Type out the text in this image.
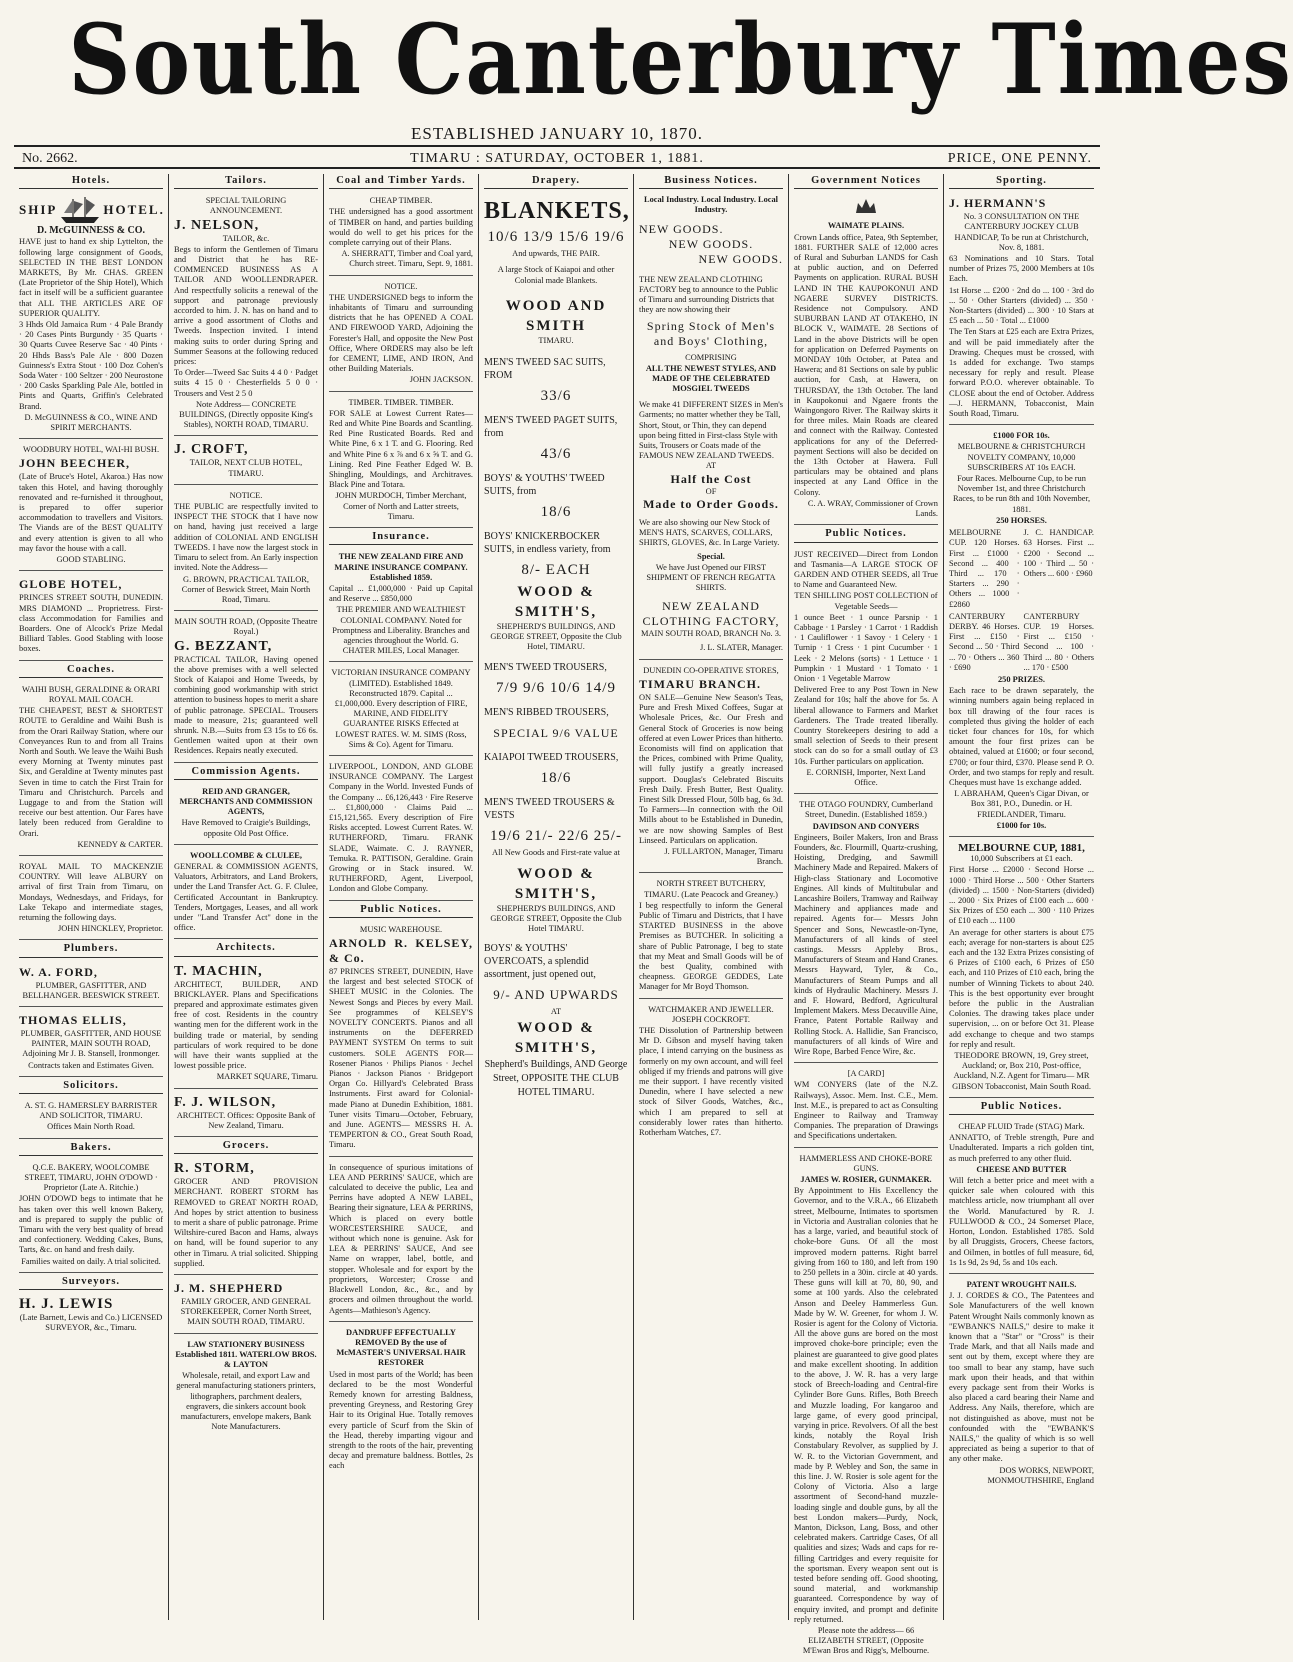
South Canterbury Times
ESTABLISHED JANUARY 10, 1870.
No. 2662.	TIMARU : SATURDAY, OCTOBER 1, 1881.	PRICE, ONE PENNY.
Hotels.
SHIP	HOTEL.

D. McGUINNESS & CO.

HAVE just to hand ex ship Lyttelton, the following large consignment of Goods, SELECTED IN THE BEST LONDON MARKETS, By Mr. CHAS. GREEN (Late Proprietor of the Ship Hotel), Which fact in itself will be a sufficient guarantee that ALL THE ARTICLES ARE OF SUPERIOR QUALITY.

3 Hhds Old Jamaica Rum · 4 Pale Brandy · 20 Cases Pints Burgundy · 35 Quarts · 30 Quarts Cuvee Reserve Sac · 40 Pints · 20 Hhds Bass's Pale Ale · 800 Dozen Guinness's Extra Stout · 100 Doz Cohen's Soda Water · 100 Seltzer · 200 Neurostone · 200 Casks Sparkling Pale Ale, bottled in Pints and Quarts, Griffin's Celebrated Brand.

D. McGUINNESS & CO., WINE AND SPIRIT MERCHANTS.

WOODBURY HOTEL, WAI-HI BUSH.

JOHN BEECHER,

(Late of Bruce's Hotel, Akaroa.) Has now taken this Hotel, and having thoroughly renovated and re-furnished it throughout, is prepared to offer superior accommodation to travellers and Visitors. The Viands are of the BEST QUALITY and every attention is given to all who may favor the house with a call.

GOOD STABLING.

GLOBE HOTEL,

PRINCES STREET SOUTH, DUNEDIN. MRS DIAMOND ... Proprietress. First-class Accommodation for Families and Boarders. One of Alcock's Prize Medal Billiard Tables. Good Stabling with loose boxes.

Coaches.

WAIHI BUSH, GERALDINE & ORARI ROYAL MAIL COACH.

THE CHEAPEST, BEST & SHORTEST ROUTE to Geraldine and Waihi Bush is from the Orari Railway Station, where our Conveyances Run to and from all Trains North and South. We leave the Waihi Bush every Morning at Twenty minutes past Six, and Geraldine at Twenty minutes past Seven in time to catch the First Train for Timaru and Christchurch. Parcels and Luggage to and from the Station will receive our best attention. Our Fares have lately been reduced from Geraldine to Orari.

KENNEDY & CARTER.

ROYAL MAIL TO MACKENZIE COUNTRY. Will leave ALBURY on arrival of first Train from Timaru, on Mondays, Wednesdays, and Fridays, for Lake Tekapo and intermediate stages, returning the following days.

JOHN HINCKLEY, Proprietor.

Plumbers.

W. A. FORD,

PLUMBER, GASFITTER, AND BELLHANGER. BEESWICK STREET.

THOMAS ELLIS,

PLUMBER, GASFITTER, AND HOUSE PAINTER, MAIN SOUTH ROAD, Adjoining Mr J. B. Stansell, Ironmonger.

Contracts taken and Estimates Given.

Solicitors.

A. ST. G. HAMERSLEY BARRISTER AND SOLICITOR, TIMARU.

Offices Main North Road.

Bakers.

Q.C.E. BAKERY, WOOLCOMBE STREET, TIMARU, JOHN O'DOWD · Proprietor (Late A. Ritchie.)

JOHN O'DOWD begs to intimate that he has taken over this well known Bakery, and is prepared to supply the public of Timaru with the very best quality of bread and confectionery. Wedding Cakes, Buns, Tarts, &c. on hand and fresh daily.

Families waited on daily. A trial solicited.

Surveyors.

H. J. LEWIS

(Late Barnett, Lewis and Co.) LICENSED SURVEYOR, &c., Timaru.

Tailors.

SPECIAL TAILORING ANNOUNCEMENT.

J. NELSON,

TAILOR, &c.

Begs to inform the Gentlemen of Timaru and District that he has RE-COMMENCED BUSINESS AS A TAILOR AND WOOLLENDRAPER. And respectfully solicits a renewal of the support and patronage previously accorded to him. J. N. has on hand and to arrive a good assortment of Cloths and Tweeds. Inspection invited. I intend making suits to order during Spring and Summer Seasons at the following reduced prices:

To Order—Tweed Sac Suits 4 4 0 · Padget suits 4 15 0 · Chesterfields 5 0 0 · Trousers and Vest 2 5 0

Note Address— CONCRETE BUILDINGS, (Directly opposite King's Stables), NORTH ROAD, TIMARU.

J. CROFT,

TAILOR, NEXT CLUB HOTEL, TIMARU.

NOTICE.

THE PUBLIC are respectfully invited to INSPECT THE STOCK that I have now on hand, having just received a large addition of COLONIAL AND ENGLISH TWEEDS. I have now the largest stock in Timaru to select from. An Early inspection invited. Note the Address—

G. BROWN, PRACTICAL TAILOR, Corner of Beswick Street, Main North Road, Timaru.

MAIN SOUTH ROAD, (Opposite Theatre Royal.)

G. BEZZANT,

PRACTICAL TAILOR, Having opened the above premises with a well selected Stock of Kaiapoi and Home Tweeds, by combining good workmanship with strict attention to business hopes to merit a share of public patronage. SPECIAL. Trousers made to measure, 21s; guaranteed well shrunk. N.B.—Suits from £3 15s to £6 6s. Gentlemen waited upon at their own Residences. Repairs neatly executed.

Commission Agents.

REID AND GRANGER, MERCHANTS AND COMMISSION AGENTS,

Have Removed to Craigie's Buildings, opposite Old Post Office.

WOOLLCOMBE & CLULEE,

GENERAL & COMMISSION AGENTS, Valuators, Arbitrators, and Land Brokers, under the Land Transfer Act. G. F. Clulee, Certificated Accountant in Bankruptcy. Tenders, Mortgages, Leases, and all work under "Land Transfer Act" done in the office.

Architects.

T. MACHIN,

ARCHITECT, BUILDER, AND BRICKLAYER. Plans and Specifications prepared and approximate estimates given free of cost. Residents in the country wanting men for the different work in the building trade or material, by sending particulars of work required to be done will have their wants supplied at the lowest possible price.

MARKET SQUARE, Timaru.

F. J. WILSON,

ARCHITECT. Offices: Opposite Bank of New Zealand, Timaru.

Grocers.

R. STORM,

GROCER AND PROVISION MERCHANT. ROBERT STORM has REMOVED to GREAT NORTH ROAD, And hopes by strict attention to business to merit a share of public patronage. Prime Wiltshire-cured Bacon and Hams, always on hand, will be found superior to any other in Timaru. A trial solicited. Shipping supplied.

J. M. SHEPHERD

FAMILY GROCER, AND GENERAL STOREKEEPER, Corner North Street, MAIN SOUTH ROAD, TIMARU.

LAW STATIONERY BUSINESS Established 1811. WATERLOW BROS. & LAYTON

Wholesale, retail, and export Law and general manufacturing stationers printers, lithographers, parchment dealers, engravers, die sinkers account book manufacturers, envelope makers, Bank Note Manufacturers.

Coal and Timber Yards.

CHEAP TIMBER.

THE undersigned has a good assortment of TIMBER on hand, and parties building would do well to get his prices for the complete carrying out of their Plans.

A. SHERRATT, Timber and Coal yard, Church street. Timaru, Sept. 9, 1881.

NOTICE.

THE UNDERSIGNED begs to inform the inhabitants of Timaru and surrounding districts that he has OPENED A COAL AND FIREWOOD YARD, Adjoining the Forester's Hall, and opposite the New Post Office, Where ORDERS may also be left for CEMENT, LIME, AND IRON, And other Building Materials.

JOHN JACKSON.

TIMBER. TIMBER. TIMBER.

FOR SALE at Lowest Current Rates— Red and White Pine Boards and Scantling. Red Pine Rusticated Boards. Red and White Pine, 6 x 1 T. and G. Flooring. Red and White Pine 6 x ⅞ and 6 x ⅝ T. and G. Lining. Red Pine Feather Edged W. B. Shingling, Mouldings, and Architraves. Black Pine and Totara.

JOHN MURDOCH, Timber Merchant, Corner of North and Latter streets, Timaru.

Insurance.

THE NEW ZEALAND FIRE AND MARINE INSURANCE COMPANY. Established 1859.

Capital ... £1,000,000 · Paid up Capital and Reserve ... £850,000

THE PREMIER AND WEALTHIEST COLONIAL COMPANY. Noted for Promptness and Liberality. Branches and agencies throughout the World. G. CHATER MILES, Local Manager.

VICTORIAN INSURANCE COMPANY (LIMITED). Established 1849. Reconstructed 1879. Capital ... £1,000,000. Every description of FIRE, MARINE, AND FIDELITY GUARANTEE RISKS Effected at LOWEST RATES. W. M. SIMS (Ross, Sims & Co). Agent for Timaru.

LIVERPOOL, LONDON, AND GLOBE INSURANCE COMPANY. The Largest Company in the World. Invested Funds of the Company ... £6,126,443 · Fire Reserve ... £1,800,000 · Claims Paid ... £15,121,565. Every description of Fire Risks accepted. Lowest Current Rates. W. RUTHERFORD, Timaru. FRANK SLADE, Waimate. C. J. RAYNER, Temuka. R. PATTISON, Geraldine. Grain Growing or in Stack insured. W. RUTHERFORD, Agent, Liverpool, London and Globe Company.

Public Notices.

MUSIC WAREHOUSE.

ARNOLD R. KELSEY, & Co.

87 PRINCES STREET, DUNEDIN, Have the largest and best selected STOCK of SHEET MUSIC in the Colonies. The Newest Songs and Pieces by every Mail. See programmes of KELSEY'S NOVELTY CONCERTS. Pianos and all instruments on the DEFERRED PAYMENT SYSTEM On terms to suit customers. SOLE AGENTS FOR— Rosener Pianos · Philips Pianos · Jechel Pianos · Jackson Pianos · Bridgeport Organ Co. Hillyard's Celebrated Brass Instruments. First award for Colonial-made Piano at Dunedin Exhibition, 1881. Tuner visits Timaru—October, February, and June. AGENTS— MESSRS H. A. TEMPERTON & CO., Great South Road, Timaru.

In consequence of spurious imitations of LEA AND PERRINS' SAUCE, which are calculated to deceive the public, Lea and Perrins have adopted A NEW LABEL, Bearing their signature, LEA & PERRINS, Which is placed on every bottle WORCESTERSHIRE SAUCE, and without which none is genuine. Ask for LEA & PERRINS' SAUCE, And see Name on wrapper, label, bottle, and stopper. Wholesale and for export by the proprietors, Worcester; Crosse and Blackwell London, &c., &c., and by grocers and oilmen throughout the world. Agents—Mathieson's Agency.

DANDRUFF EFFECTUALLY REMOVED By the use of McMASTER'S UNIVERSAL HAIR RESTORER

Used in most parts of the World; has been declared to be the most Wonderful Remedy known for arresting Baldness, preventing Greyness, and Restoring Grey Hair to its Original Hue. Totally removes every particle of Scurf from the Skin of the Head, thereby imparting vigour and strength to the roots of the hair, preventing decay and premature baldness. Bottles, 2s each

Drapery.

BLANKETS,

10/6 13/9 15/6 19/6

And upwards, THE PAIR.

A large Stock of Kaiapoi and other Colonial made Blankets.

WOOD AND SMITH

TIMARU.

MEN'S TWEED SAC SUITS, FROM

33/6

MEN'S TWEED PAGET SUITS, from

43/6

BOYS' & YOUTHS' TWEED SUITS, from

18/6

BOYS' KNICKERBOCKER SUITS, in endless variety, from

8/- EACH

WOOD & SMITH'S,

SHEPHERD'S BUILDINGS, AND GEORGE STREET, Opposite the Club Hotel, TIMARU.

MEN'S TWEED TROUSERS,

7/9 9/6 10/6 14/9

MEN'S RIBBED TROUSERS,

SPECIAL 9/6 VALUE

KAIAPOI TWEED TROUSERS,

18/6

MEN'S TWEED TROUSERS & VESTS

19/6 21/- 22/6 25/-

All New Goods and First-rate value at

WOOD & SMITH'S,

SHEPHERD'S BUILDINGS, AND GEORGE STREET, Opposite the Club Hotel TIMARU.

BOYS' & YOUTHS' OVERCOATS, a splendid assortment, just opened out,

9/- AND UPWARDS

AT

WOOD & SMITH'S,

Shepherd's Buildings, AND George Street, OPPOSITE THE CLUB HOTEL TIMARU.

Business Notices.

Local Industry. Local Industry. Local Industry.

NEW GOODS.

NEW GOODS.

NEW GOODS.

THE NEW ZEALAND CLOTHING FACTORY beg to announce to the Public of Timaru and surrounding Districts that they are now showing their

Spring Stock of Men's and Boys' Clothing,

COMPRISING

ALL THE NEWEST STYLES, AND MADE OF THE CELEBRATED MOSGIEL TWEEDS

We make 41 DIFFERENT SIZES in Men's Garments; no matter whether they be Tall, Short, Stout, or Thin, they can depend upon being fitted in First-class Style with Suits, Trousers or Coats made of the FAMOUS NEW ZEALAND TWEEDS.

AT

Half the Cost

OF

Made to Order Goods.

We are also showing our New Stock of MEN'S HATS, SCARVES, COLLARS, SHIRTS, GLOVES, &c. In Large Variety.

Special.

We have Just Opened our FIRST SHIPMENT OF FRENCH REGATTA SHIRTS.

NEW ZEALAND CLOTHING FACTORY,

MAIN SOUTH ROAD, BRANCH No. 3.

J. L. SLATER, Manager.

DUNEDIN CO-OPERATIVE STORES,

TIMARU BRANCH.

ON SALE—Genuine New Season's Teas, Pure and Fresh Mixed Coffees, Sugar at Wholesale Prices, &c. Our Fresh and General Stock of Groceries is now being offered at even Lower Prices than hitherto. Economists will find on application that the Prices, combined with Prime Quality, will fully justify a greatly increased support. Douglas's Celebrated Biscuits Fresh Daily. Fresh Butter, Best Quality. Finest Silk Dressed Flour, 50lb bag, 6s 3d. To Farmers—In connection with the Oil Mills about to be Established in Dunedin, we are now showing Samples of Best Linseed. Particulars on application.

J. FULLARTON, Manager, Timaru Branch.

NORTH STREET BUTCHERY, TIMARU. (Late Peacock and Greaney.)

I beg respectfully to inform the General Public of Timaru and Districts, that I have STARTED BUSINESS in the above Premises as BUTCHER. In soliciting a share of Public Patronage, I beg to state that my Meat and Small Goods will be of the best Quality, combined with cheapness. GEORGE GEDDES, Late Manager for Mr Boyd Thomson.

WATCHMAKER AND JEWELLER. JOSEPH COCKROFT.

THE Dissolution of Partnership between Mr D. Gibson and myself having taken place, I intend carrying on the business as formerly on my own account, and will feel obliged if my friends and patrons will give me their support. I have recently visited Dunedin, where I have selected a new stock of Silver Goods, Watches, &c., which I am prepared to sell at considerably lower rates than hitherto. Rotherham Watches, £7.

Government Notices

WAIMATE PLAINS.

Crown Lands office, Patea, 9th September, 1881. FURTHER SALE of 12,000 acres of Rural and Suburban LANDS for Cash at public auction, and on Deferred Payments on application. RURAL BUSH LAND IN THE KAUPOKONUI AND NGAERE SURVEY DISTRICTS. Residence not Compulsory. AND SUBURBAN LAND AT OTAKEHO, IN BLOCK V., WAIMATE. 28 Sections of Land in the above Districts will be open for application on Deferred Payments on MONDAY 10th October, at Patea and Hawera; and 81 Sections on sale by public auction, for Cash, at Hawera, on THURSDAY, the 13th October. The land in Kaupokonui and Ngaere fronts the Waingongoro River. The Railway skirts it for three miles. Main Roads are cleared and connect with the Railway. Contested applications for any of the Deferred-payment Sections will also be decided on the 13th October at Hawera. Full particulars may be obtained and plans inspected at any Land Office in the Colony.

C. A. WRAY, Commissioner of Crown Lands.

Public Notices.

JUST RECEIVED—Direct from London and Tasmania—A LARGE STOCK OF GARDEN AND OTHER SEEDS, all True to Name and Guaranteed New.

TEN SHILLING POST COLLECTION of Vegetable Seeds—

1 ounce Beet · 1 ounce Parsnip · 1 Cabbage · 1 Parsley · 1 Carrot · 1 Raddish · 1 Cauliflower · 1 Savoy · 1 Celery · 1 Turnip · 1 Cress · 1 pint Cucumber · 1 Leek · 2 Melons (sorts) · 1 Lettuce · 1 Pumpkin · 1 Mustard · 1 Tomato · 1 Onion · 1 Vegetable Marrow

Delivered Free to any Post Town in New Zealand for 10s; half the above for 5s. A liberal allowance to Farmers and Market Gardeners. The Trade treated liberally. Country Storekeepers desiring to add a small selection of Seeds to their present stock can do so for a small outlay of £3 10s. Further particulars on application.

E. CORNISH, Importer, Next Land Office.

THE OTAGO FOUNDRY, Cumberland Street, Dunedin. (Established 1859.)

DAVIDSON AND CONYERS

Engineers, Boiler Makers, Iron and Brass Founders, &c. Flourmill, Quartz-crushing, Hoisting, Dredging, and Sawmill Machinery Made and Repaired. Makers of High-class Stationary and Locomotive Engines. All kinds of Multitubular and Lancashire Boilers, Tramway and Railway Machinery and appliances made and repaired. Agents for— Messrs John Spencer and Sons, Newcastle-on-Tyne, Manufacturers of all kinds of steel castings. Messrs Appleby Bros., Manufacturers of Steam and Hand Cranes. Messrs Hayward, Tyler, & Co., Manufacturers of Steam Pumps and all kinds of Hydraulic Machinery. Messrs J. and F. Howard, Bedford, Agricultural Implement Makers. Mess Decauville Aine, France, Patent Portable Railway and Rolling Stock. A. Hallidie, San Francisco, manufacturers of all kinds of Wire and Wire Rope, Barbed Fence Wire, &c.

[A CARD]

WM CONYERS (late of the N.Z. Railways), Assoc. Mem. Inst. C.E., Mem. Inst. M.E., is prepared to act as Consulting Engineer to Railway and Tramway Companies. The preparation of Drawings and Specifications undertaken.

HAMMERLESS AND CHOKE-BORE GUNS.

JAMES W. ROSIER, GUNMAKER.

By Appointment to His Excellency the Governor, and to the V.R.A., 66 Elizabeth street, Melbourne, Intimates to sportsmen in Victoria and Australian colonies that he has a large, varied, and beautiful stock of choke-bore Guns. Of all the most improved modern patterns. Right barrel giving from 160 to 180, and left from 190 to 250 pellets in a 30in. circle at 40 yards. These guns will kill at 70, 80, 90, and some at 100 yards. Also the celebrated Anson and Deeley Hammerless Gun. Made by W. W. Greener, for whom J. W. Rosier is agent for the Colony of Victoria. All the above guns are bored on the most improved choke-bore principle; even the plainest are guaranteed to give good plates and make excellent shooting. In addition to the above, J. W. R. has a very large stock of Breech-loading and Central-fire Cylinder Bore Guns. Rifles, Both Breech and Muzzle loading, For kangaroo and large game, of every good principal, varying in price. Revolvers. Of all the best kinds, notably the Royal Irish Constabulary Revolver, as supplied by J. W. R. to the Victorian Government, and made by P. Webley and Son, the same in this line. J. W. Rosier is sole agent for the Colony of Victoria. Also a large assortment of Second-hand muzzle-loading single and double guns, by all the best London makers—Purdy, Nock, Manton, Dickson, Lang, Boss, and other celebrated makers. Cartridge Cases, Of all qualities and sizes; Wads and caps for re-filling Cartridges and every requisite for the sportsman. Every weapon sent out is tested before sending off. Good shooting, sound material, and workmanship guaranteed. Correspondence by way of enquiry invited, and prompt and definite reply returned.

Please note the address— 66 ELIZABETH STREET, (Opposite M'Ewan Bros and Rigg's, Melbourne.

Sporting.

J. HERMANN'S

No. 3 CONSULTATION ON THE CANTERBURY JOCKEY CLUB HANDICAP, To be run at Christchurch, Nov. 8, 1881.

63 Nominations and 10 Stars. Total number of Prizes 75, 2000 Members at 10s Each.

1st Horse ... £200 · 2nd do ... 100 · 3rd do ... 50 · Other Starters (divided) ... 350 · Non-Starters (divided) ... 300 · 10 Stars at £5 each ... 50 · Total ... £1000

The Ten Stars at £25 each are Extra Prizes, and will be paid immediately after the Drawing. Cheques must be crossed, with 1s added for exchange. Two stamps necessary for reply and result. Please forward P.O.O. wherever obtainable. To CLOSE about the end of October. Address—J. HERMANN, Tobacconist, Main South Road, Timaru.

£1000 FOR 10s.

MELBOURNE & CHRISTCHURCH NOVELTY COMPANY, 10,000 SUBSCRIBERS AT 10s EACH.

Four Races. Melbourne Cup, to be run November 1st, and three Christchurch Races, to be run 8th and 10th November, 1881.

250 HORSES.

MELBOURNE CUP. 120 Horses. First ... £1000 · Second ... 400 · Third ... 170 · Starters ... 290 · Others ... 1000 · £2860

J. C. HANDICAP. 63 Horses. First ... £200 · Second ... 100 · Third ... 50 · Others ... 600 · £960

CANTERBURY DERBY. 46 Horses. First ... £150 · Second ... 50 · Third ... 70 · Others ... 360 · £690

CANTERBURY CUP. 19 Horses. First ... £150 · Second ... 100 · Third ... 80 · Others ... 170 · £500

250 PRIZES.

Each race to be drawn separately, the winning numbers again being replaced in box till drawing of the four races is completed thus giving the holder of each ticket four chances for 10s, for which amount the four first prizes can be obtained, valued at £1600; or four second, £700; or four third, £370. Please send P. O. Order, and two stamps for reply and result. Cheques must have 1s exchange added.

I. ABRAHAM, Queen's Cigar Divan, or Box 381, P.O., Dunedin. or H. FRIEDLANDER, Timaru.

£1000 for 10s.

MELBOURNE CUP, 1881,

10,000 Subscribers at £1 each.

First Horse ... £2000 · Second Horse ... 1000 · Third Horse ... 500 · Other Starters (divided) ... 1500 · Non-Starters (divided) ... 2000 · Six Prizes of £100 each ... 600 · Six Prizes of £50 each ... 300 · 110 Prizes of £10 each ... 1100

An average for other starters is about £75 each; average for non-starters is about £25 each and the 132 Extra Prizes consisting of 6 Prizes of £100 each, 6 Prizes of £50 each, and 110 Prizes of £10 each, bring the number of Winning Tickets to about 240. This is the best opportunity ever brought before the public in the Australian Colonies. The drawing takes place under supervision, ... on or before Oct 31. Please add exchange to cheque and two stamps for reply and result.

THEODORE BROWN, 19, Grey street, Auckland; or, Box 210, Post-office, Auckland, N.Z. Agent for Timaru— MR GIBSON Tobacconist, Main South Road.

Public Notices.

CHEAP FLUID Trade (STAG) Mark.

ANNATTO, of Treble strength, Pure and Unadulterated. Imparts a rich golden tint, as much preferred to any other fluid.

CHEESE AND BUTTER

Will fetch a better price and meet with a quicker sale when coloured with this matchless article, now triumphant all over the World. Manufactured by R. J. FULLWOOD & CO., 24 Somerset Place, Horton, London. Established 1785. Sold by all Druggists, Grocers, Cheese factors, and Oilmen, in bottles of full measure, 6d, 1s 1s 9d, 2s 9d, 5s and 10s each.

PATENT WROUGHT NAILS.

J. J. CORDES & CO., The Patentees and Sole Manufacturers of the well known Patent Wrought Nails commonly known as "EWBANK'S NAILS," desire to make it known that a "Star" or "Cross" is their Trade Mark, and that all Nails made and sent out by them, except where they are too small to bear any stamp, have such mark upon their heads, and that within every package sent from their Works is also placed a card bearing their Name and Address. Any Nails, therefore, which are not distinguished as above, must not be confounded with the "EWBANK'S NAILS," the quality of which is so well appreciated as being a superior to that of any other make.

DOS WORKS, NEWPORT, MONMOUTHSHIRE, England
